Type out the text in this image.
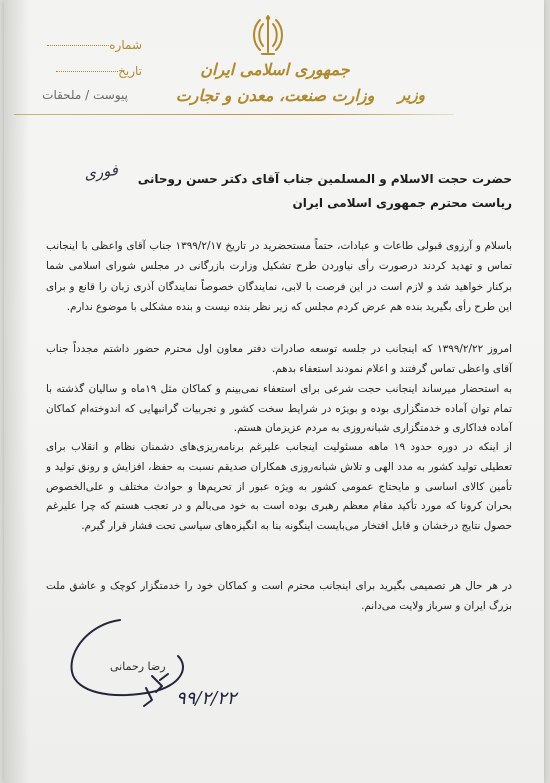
جمهوری اسلامی ایران
وزارت صنعت، معدن و تجارت وزیر
شماره
تاریخ
پیوست / ملحقات
فوری حضرت حجت الاسلام و المسلمین جناب آقای دکتر حسن روحانی
ریاست محترم جمهوری اسلامی ایران

باسلام و آرزوی قبولی طاعات و عبادات، حتماً مستحضرید در تاریخ ۱۳۹۹/۲/۱۷ جناب آقای واعظی با اینجانب تماس و تهدید کردند درصورت رأی نیاوردن طرح تشکیل وزارت بازرگانی در مجلس شورای اسلامی شما برکنار خواهید شد و لازم است در این فرصت با لابی، نمایندگان خصوصاً نمایندگان آذری زبان را قانع و برای این طرح رأی بگیرید بنده هم عرض کردم مجلس که زیر نظر بنده نیست و بنده مشکلی با موضوع ندارم.

امروز ۱۳۹۹/۲/۲۲ که اینجانب در جلسه توسعه صادرات دفتر معاون اول محترم حضور داشتم مجدداً جناب آقای واعظی تماس گرفتند و اعلام نمودند استعفاء بدهم.

به استحضار میرساند اینجانب حجت شرعی برای استعفاء نمی‌بینم و کماکان مثل ۱۹ماه و سالیان گذشته با تمام توان آماده خدمتگزاری بوده و بویژه در شرایط سخت کشور و تجربیات گرانبهایی که اندوخته‌ام کماکان آماده فداکاری و خدمتگزاری شبانه‌روزی به مردم عزیزمان هستم.

از اینکه در دوره حدود ۱۹ ماهه مسئولیت اینجانب علیرغم برنامه‌ریزی‌های دشمنان نظام و انقلاب برای تعطیلی تولید کشور به مدد الهی و تلاش شبانه‌روزی همکاران صدیقم نسبت به حفظ، افزایش و رونق تولید و تأمین کالای اساسی و مایحتاج عمومی کشور به ویژه عبور از تحریم‌ها و حوادث مختلف و علی‌الخصوص بحران کرونا که مورد تأکید مقام معظم رهبری بوده است به خود می‌بالم و در تعجب هستم که چرا علیرغم حصول نتایج درخشان و قابل افتخار می‌بایست اینگونه بنا به انگیزه‌های سیاسی تحت فشار قرار گیرم.

در هر حال هر تصمیمی بگیرید برای اینجانب محترم است و کماکان خود را خدمتگزار کوچک و عاشق ملت بزرگ ایران و سرباز ولایت می‌دانم.

رضا رحمانی
۹۹/۲/۲۲
